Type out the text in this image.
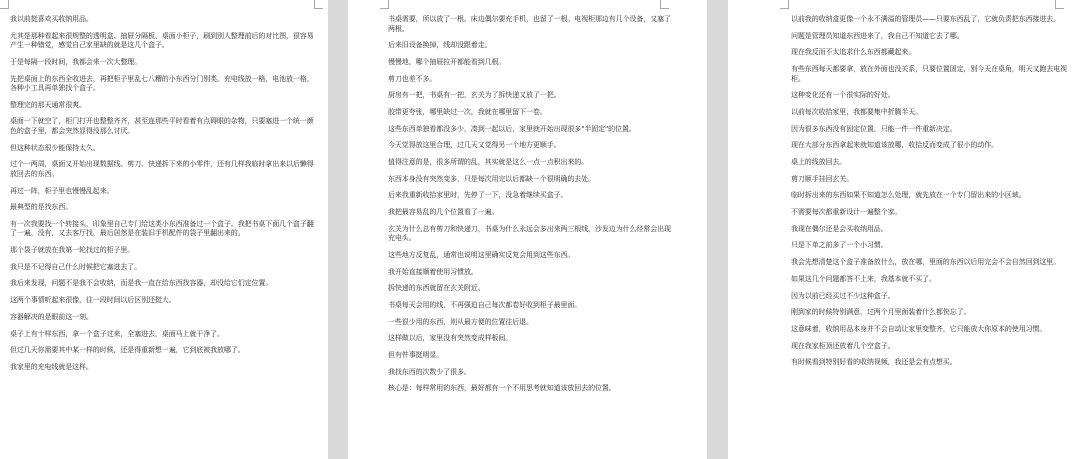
我以前挺喜欢买收纳用品。
尤其是那种看起来很规整的透明盒、抽屉分隔板、桌面小柜子，刷到别人整理前后的对比图，很容易产生一种错觉，感觉自己家里缺的就是这几个盒子。
于是每隔一段时间，我都会来一次大整理。
先把桌面上的东西全收进去，再把柜子里乱七八糟的小东西分门别类。充电线放一格，电池放一格，各种小工具再单独找个盒子。
整理完的那天通常很爽。
桌面一下就空了，柜门打开也整整齐齐，甚至连那些平时看着有点碍眼的杂物，只要塞进一个统一颜色的盒子里，都会突然显得没那么讨厌。
但这种状态很少能保持太久。
过个一两周，桌面又开始出现数据线、剪刀、快递拆下来的小零件，还有几样我临时拿出来以后懒得放回去的东西。
再过一阵，柜子里也慢慢乱起来。
最典型的是找东西。
有一次我要找一个转接头，印象里自己专门给这类小东西准备过一个盒子。我把书桌下面几个盒子翻了一遍，没有，又去客厅找，最后居然是在装旧手机配件的袋子里翻出来的。
那个袋子就放在我第一轮找过的柜子里。
我只是不记得自己什么时候把它塞进去了。
我后来发现，问题不是我不会收纳，而是我一直在给东西找容器，却没给它们定位置。
这两个事情听起来很像，往一段时间以后区别还挺大。
容器解决的是眼前这一刻。
桌子上有十样东西，拿一个盒子过来，全塞进去，桌面马上就干净了。
但过几天你需要其中某一样的时候，还是得重新想一遍，它到底被我放哪了。
我家里的充电线就是这样。
书桌需要，所以放了一根。床边偶尔要充手机，也留了一根。电视柜那边有几个设备，又塞了两根。
后来旧设备换掉，线却没跟着走。
慢慢地，哪个抽屉拉开都能看到几根。
剪刀也差不多。
厨房有一把，书桌有一把，玄关为了拆快递又放了一把。
胶带更夸张，哪里缺过一次，我就在哪里留下一卷。
这些东西单独看都没多少，凑到一起以后，家里就开始出现很多"半固定"的位置。
今天觉得放这里合理，过几天又觉得另一个地方更顺手。
值得注意的是，很多所谓的乱，其实就是这么一点一点积出来的。
东西本身没有突然变多，只是每次用完以后都缺一个很明确的去处。
后来我重新收拾家里时，先停了一下，没急着继续买盒子。
我把最容易乱的几个位置看了一遍。
玄关为什么总有剪刀和快递刀，书桌为什么永远会多出来两三根线，沙发边为什么经常会出现充电头。
这些地方反复乱，通常也说明这里确实反复会用到这些东西。
我开始直接顺着使用习惯放。
拆快递的东西就留在玄关附近。
书桌每天会用的线，不再强迫自己每次都卷好收到柜子最里面。
一些很少用的东西，则从最方便的位置往后退。
这样做以后，家里没有突然变成样板间。
但有件事挺明显。
我找东西的次数少了很多。
核心是：每样常用的东西，最好都有一个不用思考就知道该放回去的位置。
以前我的收纳盒更像一个永不满溢的管理员——只要东西乱了，它就负责把东西接进去。
问题是管理员知道东西进来了，我自己不知道它去了哪。
现在我反而不太追求什么东西都藏起来。
有些东西每天都要拿，放在外面也没关系，只要位置固定，别今天在桌角，明天又跑去电视柜。
这种变化还有一个很实际的好处。
以前每次收拾家里，我都要集中折腾半天。
因为很多东西没有固定位置，只能一件一件重新决定。
现在大部分东西拿起来就知道该放哪，收拾反而变成了很小的动作。
桌上的线放回去。
剪刀顺手挂回玄关。
临时拆出来的东西如果不知道怎么处理，就先放在一个专门留出来的小区域。
不需要每次都重新设计一遍整个家。
我现在偶尔还是会买收纳用品。
只是下单之前多了一个小习惯。
我会先想清楚这个盒子准备放什么，放在哪，里面的东西以后用完会不会自然回到这里。
如果这几个问题都答不上来，我基本就不买了。
因为以前已经买过不少这种盒子。
刚到家的时候特别满意，过两个月里面装着什么都快忘了。
这意味着，收纳用品本身并不会自动让家里变整齐，它只能放大你原本的使用习惯。
现在我家柜顶还放着几个空盒子。
有时候看到特别好看的收纳视频，我还是会有点想买。
